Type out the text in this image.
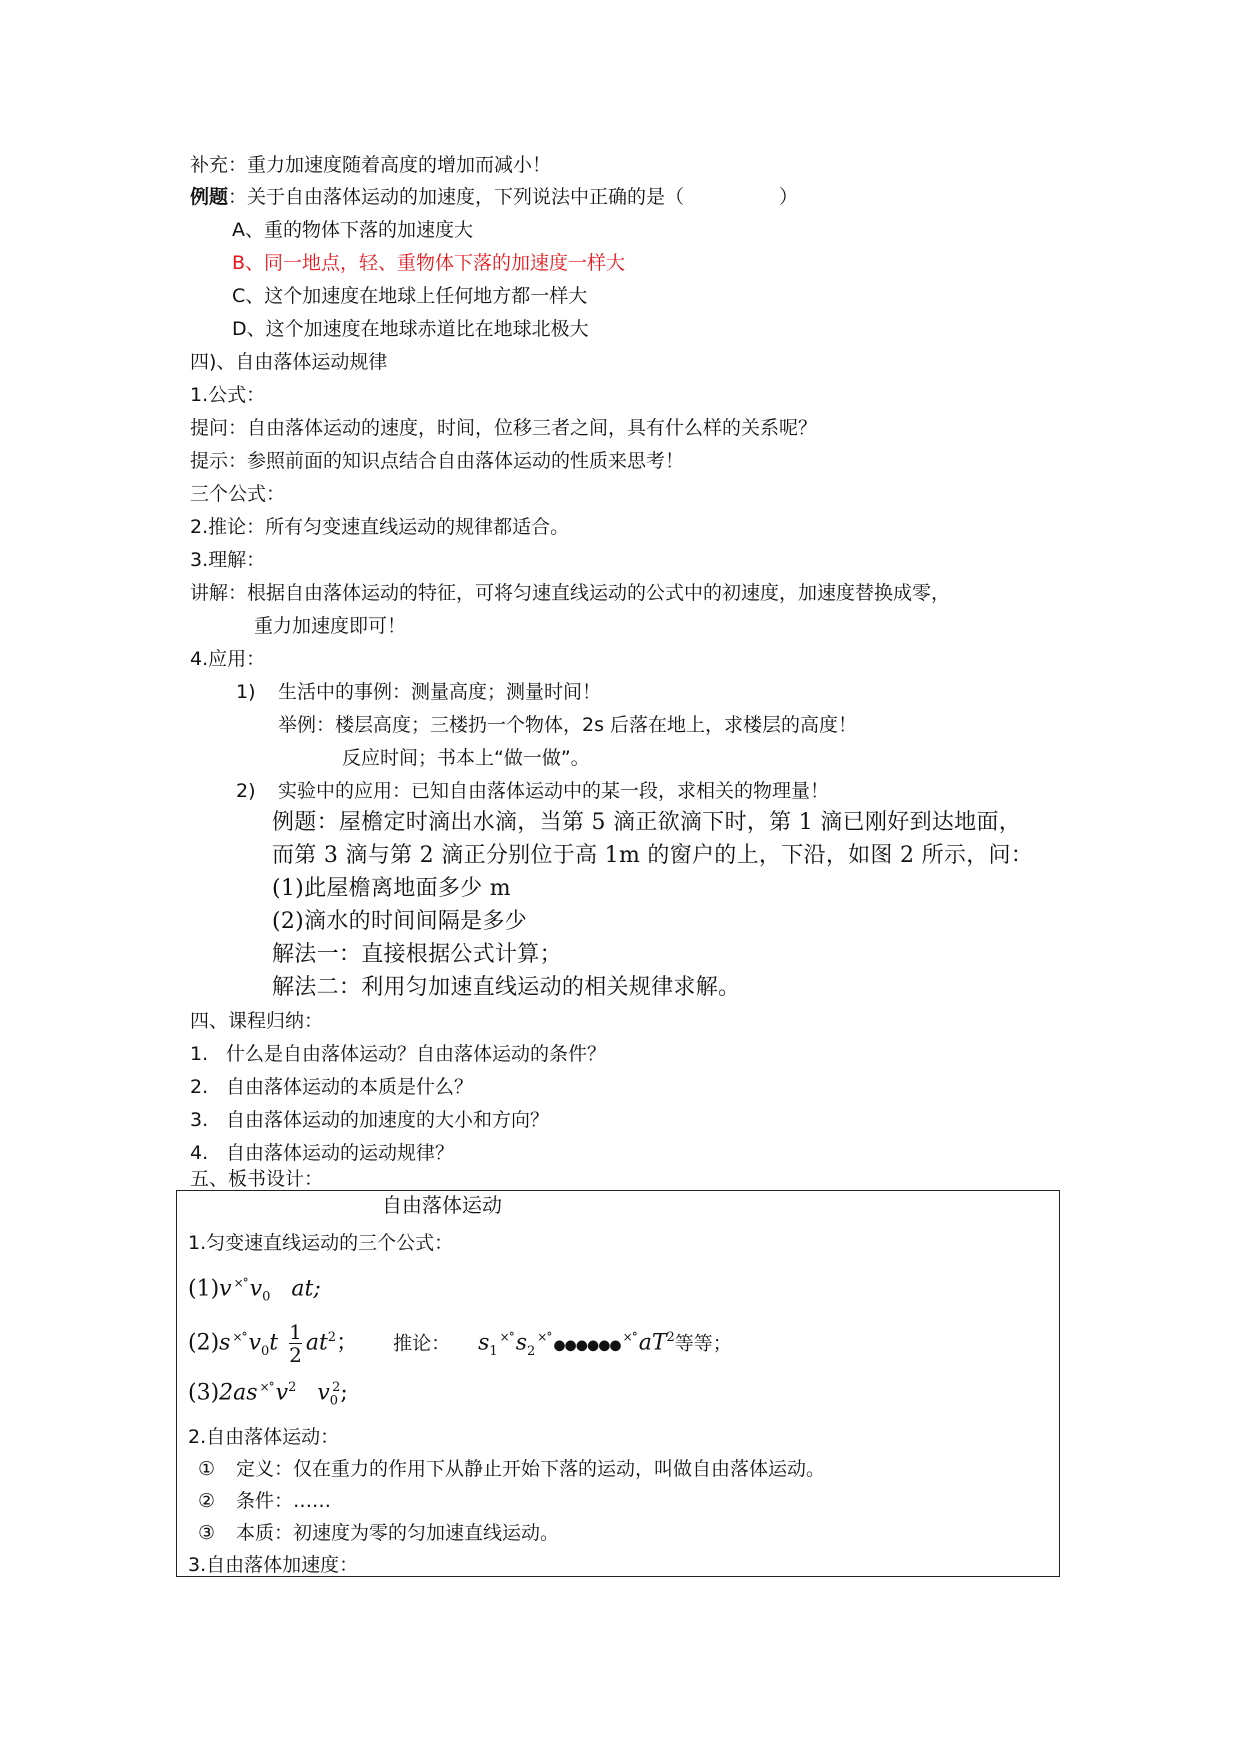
补充：重力加速度随着高度的增加而减小！
例题：关于自由落体运动的加速度，下列说法中正确的是（　　　　　）
A、重的物体下落的加速度大
B、同一地点，轻、重物体下落的加速度一样大
C、这个加速度在地球上任何地方都一样大
D、这个加速度在地球赤道比在地球北极大
四)、自由落体运动规律
1.公式：
提问：自由落体运动的速度，时间，位移三者之间，具有什么样的关系呢？
提示：参照前面的知识点结合自由落体运动的性质来思考！
三个公式：
2.推论：所有匀变速直线运动的规律都适合。
3.理解：
讲解：根据自由落体运动的特征，可将匀速直线运动的公式中的初速度，加速度替换成零，
重力加速度即可！
4.应用：
1) 生活中的事例：测量高度；测量时间！
举例：楼层高度；三楼扔一个物体，2s 后落在地上，求楼层的高度！
反应时间；书本上“做一做”。
2) 实验中的应用：已知自由落体运动中的某一段，求相关的物理量！
例题：屋檐定时滴出水滴，当第 5 滴正欲滴下时，第 1 滴已刚好到达地面，
而第 3 滴与第 2 滴正分别位于高 1m 的窗户的上，下沿，如图 2 所示，问：
(1)此屋檐离地面多少 m
(2)滴水的时间间隔是多少
解法一：直接根据公式计算；
解法二：利用匀加速直线运动的相关规律求解。
四、课程归纳：
1. 什么是自由落体运动？自由落体运动的条件？
2. 自由落体运动的本质是什么？
3. 自由落体运动的加速度的大小和方向？
4. 自由落体运动的运动规律？
五、板书设计：
自由落体运动
1.匀变速直线运动的三个公式：
(1)v $^{\times^\circ}v_0$ at;
(2)s $^{\times^\circ}v_0t \frac{1}{2} at^2$； 推论： $s_1^{\times^\circ}s_2^{\times^\circ}●●●●●●^{\times^\circ}aT^2$等等；
(3)2as $^{\times^\circ}v^2$ $v_0^2$;
2.自由落体运动：
① 定义：仅在重力的作用下从静止开始下落的运动，叫做自由落体运动。
② 条件：……
③ 本质：初速度为零的匀加速直线运动。
3.自由落体加速度：
